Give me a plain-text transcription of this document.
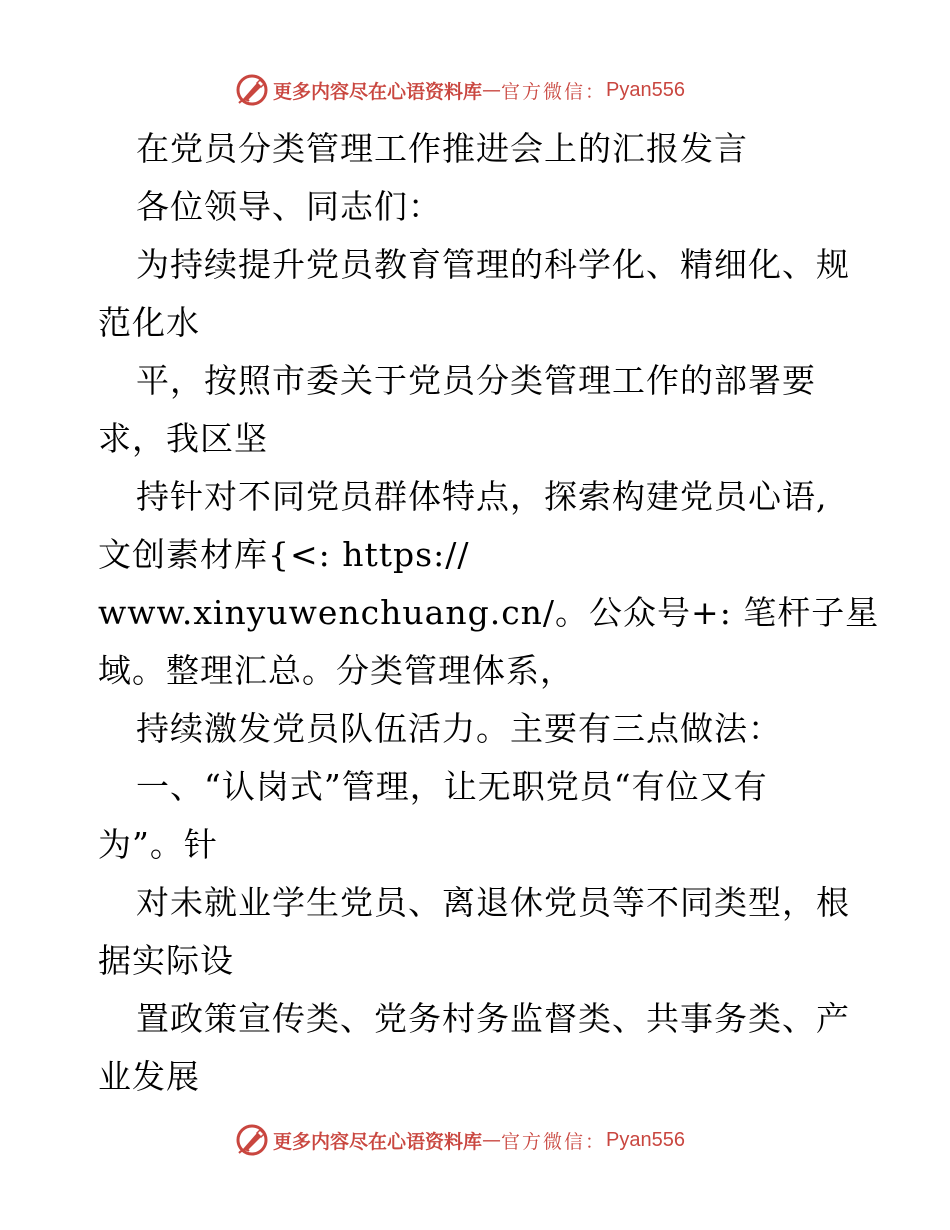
更多内容尽在心语资料库 — 官方微信： Pyan556
在党员分类管理工作推进会上的汇报发言
各位领导、同志们：
为持续提升党员教育管理的科学化、精细化、规
范化水
平，按照市委关于党员分类管理工作的部署要
求，我区坚
持针对不同党员群体特点，探索构建党员心语,
文创素材库{<: https://
www.xinyuwenchuang.cn/。公众号+: 笔杆子星
域。整理汇总。分类管理体系，
持续激发党员队伍活力。主要有三点做法：
一、“认岗式”管理，让无职党员“有位又有
为”。针
对未就业学生党员、离退休党员等不同类型，根
据实际设
置政策宣传类、党务村务监督类、共事务类、产
业发展
更多内容尽在心语资料库 — 官方微信： Pyan556
